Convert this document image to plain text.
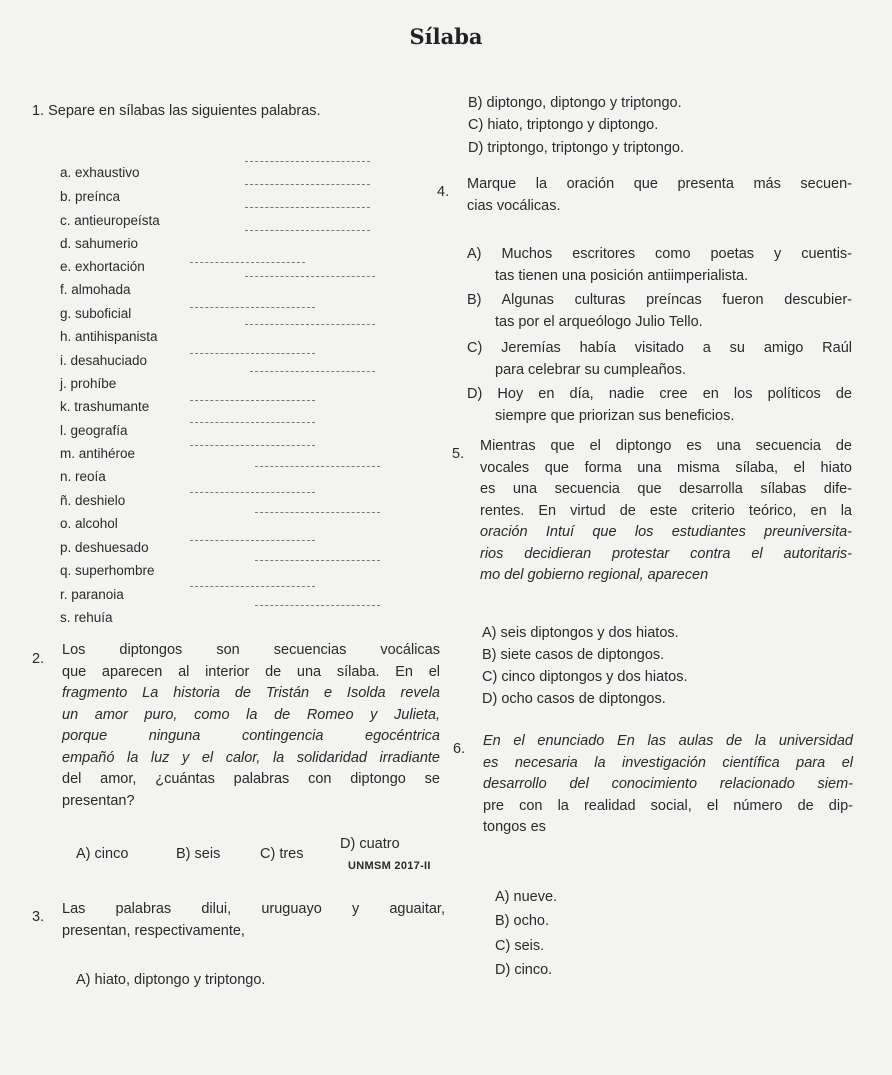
Sílaba
1. Separe en sílabas las siguientes palabras.
a. exhaustivo
b. preínca
c. antieuropeísta
d. sahumerio
e. exhortación
f. almohada
g. suboficial
h. antihispanista
i. desahuciado
j. prohíbe
k. trashumante
l. geografía
m. antihéroe
n. reoía
ñ. deshielo
o. alcohol
p. deshuesado
q. superhombre
r. paranoia
s. rehuía
2.
Los diptongos son secuencias vocálicas
que aparecen al interior de una sílaba. En el
fragmento La historia de Tristán e Isolda revela
un amor puro, como la de Romeo y Julieta,
porque ninguna contingencia egocéntrica
empañó la luz y el calor, la solidaridad irradiante
del amor, ¿cuántas palabras con diptongo se
presentan?
A) cinco	B) seis	C) tres
D) cuatro
UNMSM 2017-II
3. Las palabras dilui, uruguayo y aguaitar,
presentan, respectivamente,
A) hiato, diptongo y triptongo.
B) diptongo, diptongo y triptongo.
C) hiato, triptongo y diptongo.
D) triptongo, triptongo y triptongo.
4. Marque la oración que presenta más secuen-
cias vocálicas.
A) Muchos escritores como poetas y cuentis-
tas tienen una posición antiimperialista.
B) Algunas culturas preíncas fueron descubier-
tas por el arqueólogo Julio Tello.
C) Jeremías había visitado a su amigo Raúl
para celebrar su cumpleaños.
D) Hoy en día, nadie cree en los políticos de
siempre que priorizan sus beneficios.
5. Mientras que el diptongo es una secuencia de
vocales que forma una misma sílaba, el hiato
es una secuencia que desarrolla sílabas dife-
rentes. En virtud de este criterio teórico, en la
oración Intuí que los estudiantes preuniversita-
rios decidieran protestar contra el autoritaris-
mo del gobierno regional, aparecen
A) seis diptongos y dos hiatos.
B) siete casos de diptongos.
C) cinco diptongos y dos hiatos.
D) ocho casos de diptongos.
6. En el enunciado En las aulas de la universidad
es necesaria la investigación científica para el
desarrollo del conocimiento relacionado siem-
pre con la realidad social, el número de dip-
tongos es
A) nueve.
B) ocho.
C) seis.
D) cinco.
